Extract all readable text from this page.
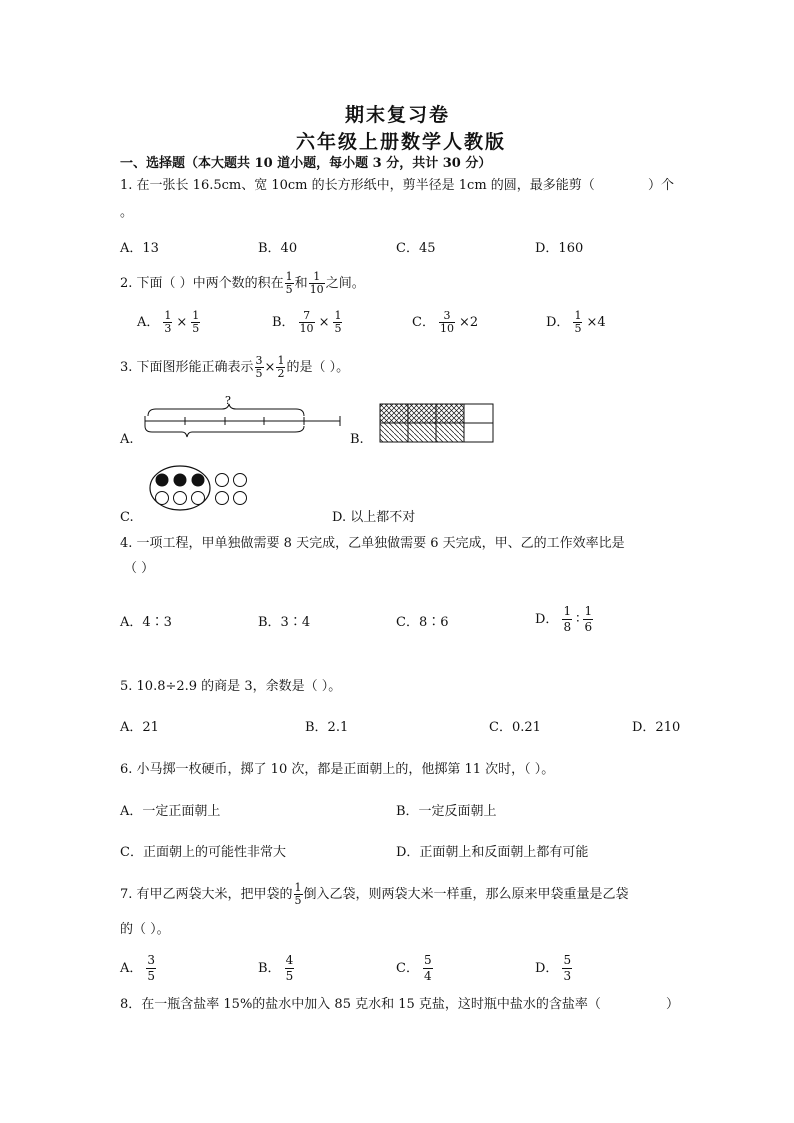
期末复习卷
六年级上册数学人教版
一、选择题（本大题共 10 道小题，每小题 3 分，共计 30 分）
1. 在一张长 16.5cm、宽 10cm 的长方形纸中，剪半径是 1cm 的圆，最多能剪（	）个
。
A．13	B．40	C．45	D．160
2. 下面（ ）中两个数的积在 $\frac{1}{5}$ 和 $\frac{1}{10}$ 之间。
A． $\frac{1}{3} \times \frac{1}{5}$	B． $\frac{7}{10} \times \frac{1}{5}$	C． $\frac{3}{10} \times 2$	D． $\frac{1}{5} \times 4$
3. 下面图形能正确表示 $\frac{3}{5} \times \frac{1}{2}$ 的是（ ）。
A.
?
B.
C.	D. 以上都不对
4. 一项工程，甲单独做需要 8 天完成，乙单独做需要 6 天完成，甲、乙的工作效率比是
（ ）
A．4∶3	B．3∶4	C．8∶6	D． $\frac{1}{8}$ ∶ $\frac{1}{6}$
5. 10.8÷2.9 的商是 3，余数是（ ）。
A．21	B．2.1	C．0.21	D．210
6. 小马掷一枚硬币，掷了 10 次，都是正面朝上的，他掷第 11 次时，（ ）。
A．一定正面朝上	B．一定反面朝上
C．正面朝上的可能性非常大	D．正面朝上和反面朝上都有可能
7. 有甲乙两袋大米，把甲袋的 $\frac{1}{5}$ 倒入乙袋，则两袋大米一样重，那么原来甲袋重量是乙袋
的（ ）。
A． $\frac{3}{5}$	B． $\frac{4}{5}$	C． $\frac{5}{4}$	D． $\frac{5}{3}$
8．在一瓶含盐率 15%的盐水中加入 85 克水和 15 克盐，这时瓶中盐水的含盐率（	）
